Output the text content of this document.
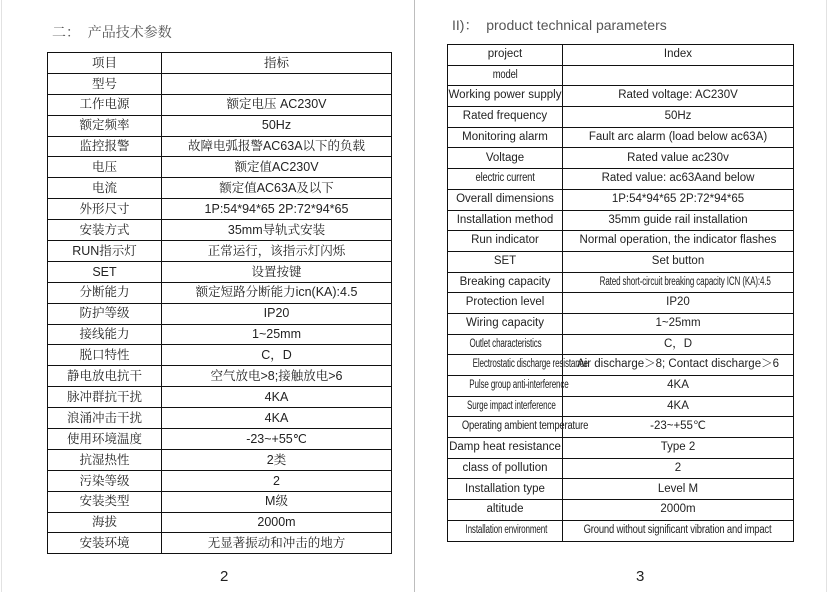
二：  产品技术参数	II)：  product technical parameters
项目	指标
型号	
工作电源	额定电压 AC230V
额定频率	50Hz
监控报警	故障电弧报警AC63A以下的负载
电压	额定值AC230V
电流	额定值AC63A及以下
外形尺寸	1P:54*94*65 2P:72*94*65
安装方式	35mm导轨式安装
RUN指示灯	正常运行，该指示灯闪烁
SET	设置按键
分断能力	额定短路分断能力icn(KA):4.5
防护等级	IP20
接线能力	1~25mm
脱口特性	C，D
静电放电抗干	空气放电>8;接触放电>6
脉冲群抗干扰	4KA
浪涌冲击干扰	4KA
使用环境温度	-23~+55℃
抗湿热性	2类
污染等级	2
安装类型	M级
海拔	2000m
安装环境	无显著振动和冲击的地方
project	Index
model	
Working power supply	Rated voltage: AC230V
Rated frequency	50Hz
Monitoring alarm	Fault arc alarm (load below ac63A)
Voltage	Rated value ac230v
electric current	Rated value: ac63Aand below
Overall dimensions	1P:54*94*65 2P:72*94*65
Installation method	35mm guide rail installation
Run indicator	Normal operation, the indicator flashes
SET	Set button
Breaking capacity	Rated short-circuit breaking capacity ICN (KA):4.5
Protection level	IP20
Wiring capacity	1~25mm
Outlet characteristics	C，D
Electrostatic discharge resistance	Air discharge＞8; Contact discharge＞6
Pulse group anti-interference	4KA
Surge impact interference	4KA
Operating ambient temperature	-23~+55℃
Damp heat resistance	Type 2
class of pollution	2
Installation type	Level M
altitude	2000m
Installation environment	Ground without significant vibration and impact
2	3
